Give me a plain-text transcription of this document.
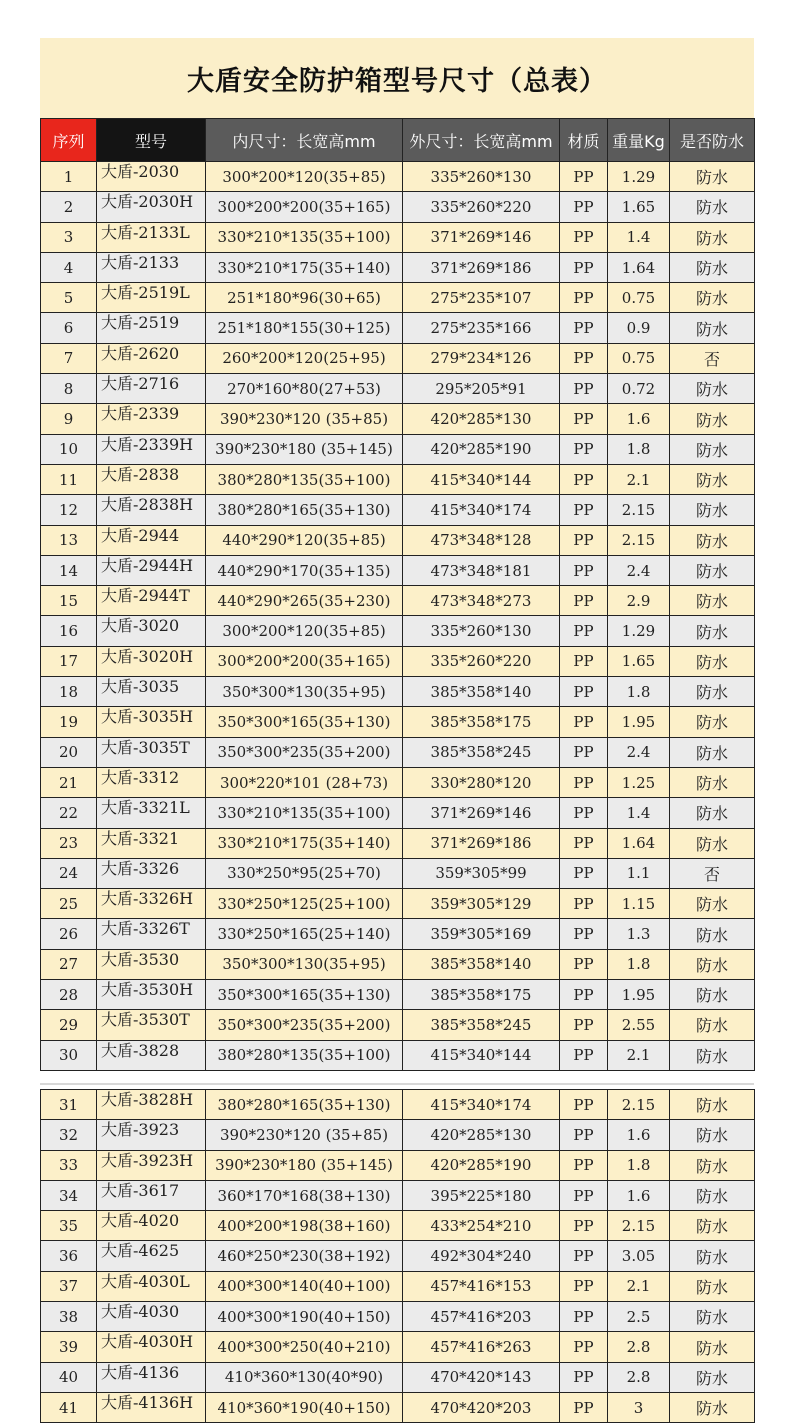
大盾安全防护箱型号尺寸（总表）
序列	型号	内尺寸：长宽高mm	外尺寸：长宽高mm	材质	重量Kg	是否防水
1	大盾-2030	300*200*120(35+85)	335*260*130	PP	1.29	防水
2	大盾-2030H	300*200*200(35+165)	335*260*220	PP	1.65	防水
3	大盾-2133L	330*210*135(35+100)	371*269*146	PP	1.4	防水
4	大盾-2133	330*210*175(35+140)	371*269*186	PP	1.64	防水
5	大盾-2519L	251*180*96(30+65)	275*235*107	PP	0.75	防水
6	大盾-2519	251*180*155(30+125)	275*235*166	PP	0.9	防水
7	大盾-2620	260*200*120(25+95)	279*234*126	PP	0.75	否
8	大盾-2716	270*160*80(27+53)	295*205*91	PP	0.72	防水
9	大盾-2339	390*230*120 (35+85)	420*285*130	PP	1.6	防水
10	大盾-2339H	390*230*180 (35+145)	420*285*190	PP	1.8	防水
11	大盾-2838	380*280*135(35+100)	415*340*144	PP	2.1	防水
12	大盾-2838H	380*280*165(35+130)	415*340*174	PP	2.15	防水
13	大盾-2944	440*290*120(35+85)	473*348*128	PP	2.15	防水
14	大盾-2944H	440*290*170(35+135)	473*348*181	PP	2.4	防水
15	大盾-2944T	440*290*265(35+230)	473*348*273	PP	2.9	防水
16	大盾-3020	300*200*120(35+85)	335*260*130	PP	1.29	防水
17	大盾-3020H	300*200*200(35+165)	335*260*220	PP	1.65	防水
18	大盾-3035	350*300*130(35+95)	385*358*140	PP	1.8	防水
19	大盾-3035H	350*300*165(35+130)	385*358*175	PP	1.95	防水
20	大盾-3035T	350*300*235(35+200)	385*358*245	PP	2.4	防水
21	大盾-3312	300*220*101 (28+73)	330*280*120	PP	1.25	防水
22	大盾-3321L	330*210*135(35+100)	371*269*146	PP	1.4	防水
23	大盾-3321	330*210*175(35+140)	371*269*186	PP	1.64	防水
24	大盾-3326	330*250*95(25+70)	359*305*99	PP	1.1	否
25	大盾-3326H	330*250*125(25+100)	359*305*129	PP	1.15	防水
26	大盾-3326T	330*250*165(25+140)	359*305*169	PP	1.3	防水
27	大盾-3530	350*300*130(35+95)	385*358*140	PP	1.8	防水
28	大盾-3530H	350*300*165(35+130)	385*358*175	PP	1.95	防水
29	大盾-3530T	350*300*235(35+200)	385*358*245	PP	2.55	防水
30	大盾-3828	380*280*135(35+100)	415*340*144	PP	2.1	防水
31	大盾-3828H	380*280*165(35+130)	415*340*174	PP	2.15	防水
32	大盾-3923	390*230*120 (35+85)	420*285*130	PP	1.6	防水
33	大盾-3923H	390*230*180 (35+145)	420*285*190	PP	1.8	防水
34	大盾-3617	360*170*168(38+130)	395*225*180	PP	1.6	防水
35	大盾-4020	400*200*198(38+160)	433*254*210	PP	2.15	防水
36	大盾-4625	460*250*230(38+192)	492*304*240	PP	3.05	防水
37	大盾-4030L	400*300*140(40+100)	457*416*153	PP	2.1	防水
38	大盾-4030	400*300*190(40+150)	457*416*203	PP	2.5	防水
39	大盾-4030H	400*300*250(40+210)	457*416*263	PP	2.8	防水
40	大盾-4136	410*360*130(40*90)	470*420*143	PP	2.8	防水
41	大盾-4136H	410*360*190(40+150)	470*420*203	PP	3	防水
